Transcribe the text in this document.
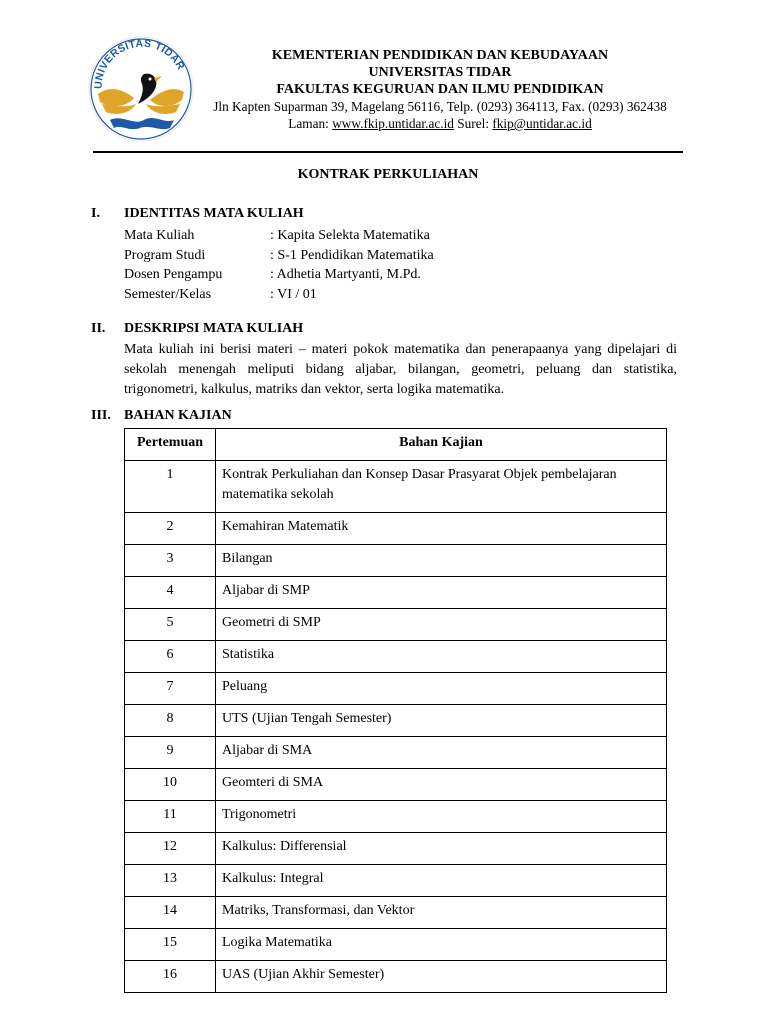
UNIVERSITAS TIDAR
KEMENTERIAN PENDIDIKAN DAN KEBUDAYAAN
UNIVERSITAS TIDAR
FAKULTAS KEGURUAN DAN ILMU PENDIDIKAN
Jln Kapten Suparman 39, Magelang 56116, Telp. (0293) 364113, Fax. (0293) 362438
Laman: www.fkip.untidar.ac.id Surel: fkip@untidar.ac.id
KONTRAK PERKULIAHAN
I. IDENTITAS MATA KULIAH
Mata Kuliah	: Kapita Selekta Matematika
Program Studi	: S-1 Pendidikan Matematika
Dosen Pengampu	: Adhetia Martyanti, M.Pd.
Semester/Kelas	: VI / 01
II. DESKRIPSI MATA KULIAH
Mata kuliah ini berisi materi – materi pokok matematika dan penerapaanya yang dipelajari di sekolah menengah meliputi bidang aljabar, bilangan, geometri, peluang dan statistika, trigonometri, kalkulus, matriks dan vektor, serta logika matematika.
III. BAHAN KAJIAN
Pertemuan	Bahan Kajian
1	Kontrak Perkuliahan dan Konsep Dasar Prasyarat Objek pembelajaran matematika sekolah
2	Kemahiran Matematik
3	Bilangan
4	Aljabar di SMP
5	Geometri di SMP
6	Statistika
7	Peluang
8	UTS (Ujian Tengah Semester)
9	Aljabar di SMA
10	Geomteri di SMA
11	Trigonometri
12	Kalkulus: Differensial
13	Kalkulus: Integral
14	Matriks, Transformasi, dan Vektor
15	Logika Matematika
16	UAS (Ujian Akhir Semester)
